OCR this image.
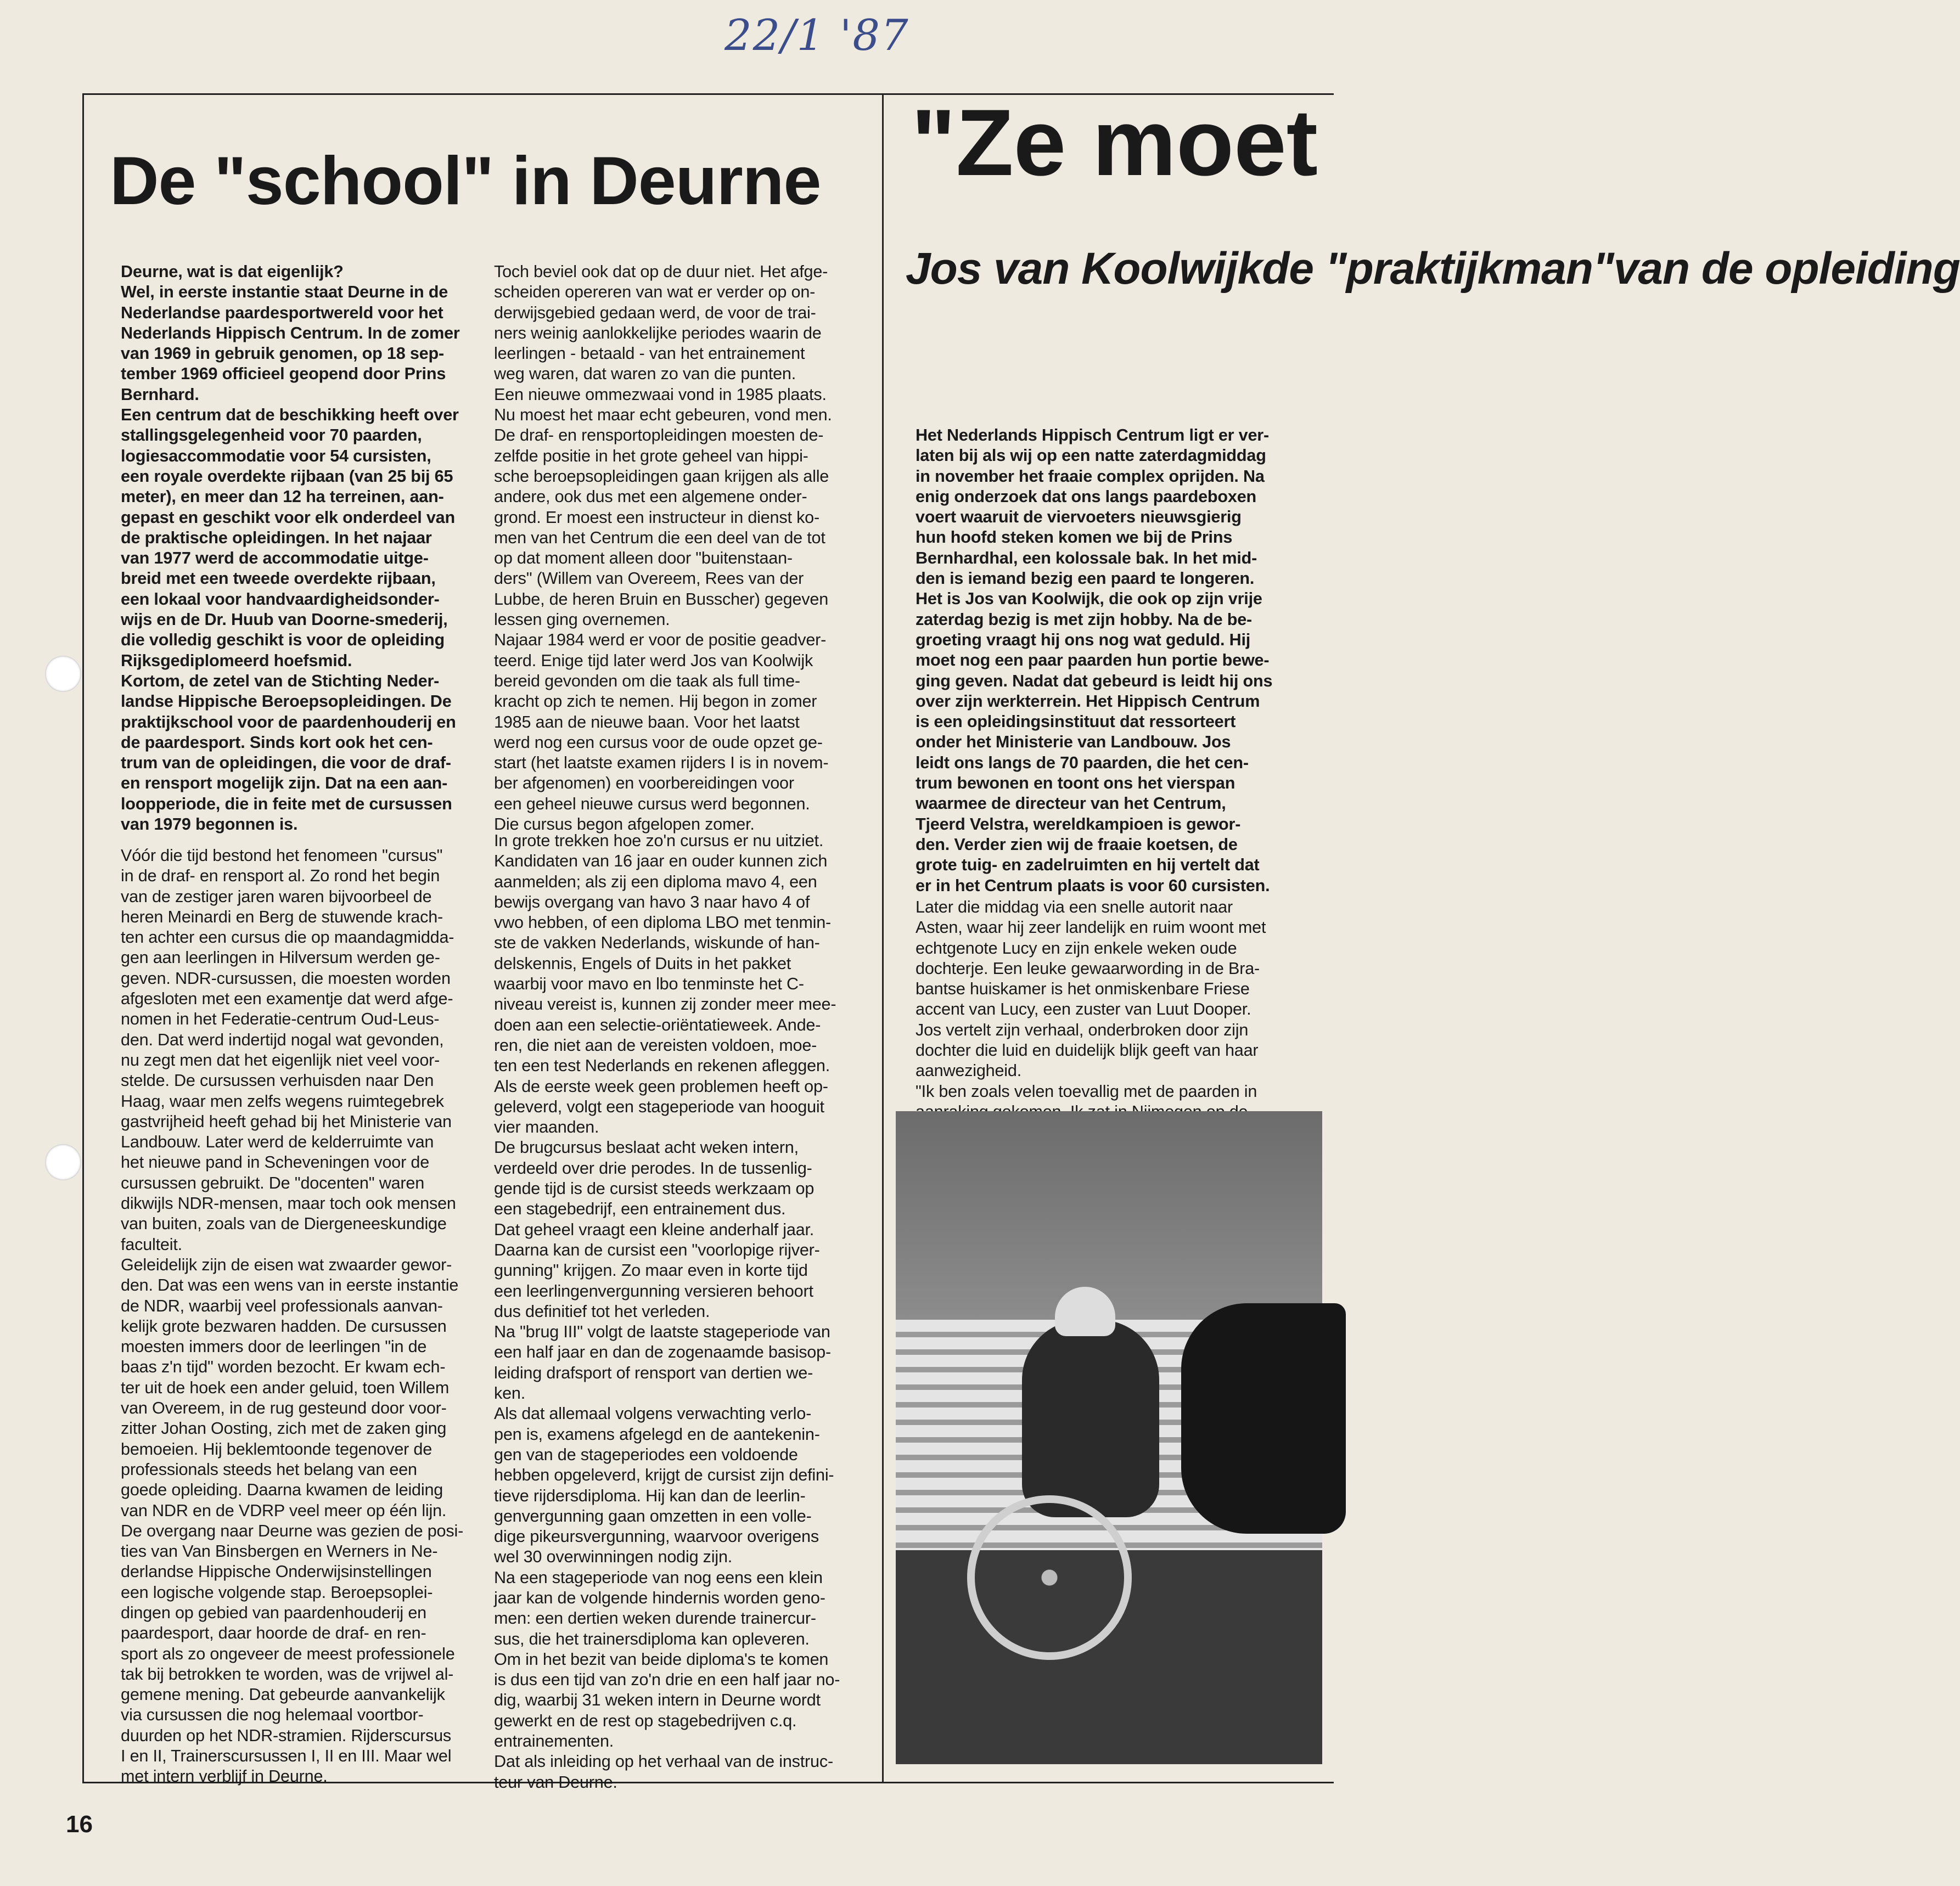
22/1 '87
De "school" in Deurne
Deurne, wat is dat eigenlijk?
Wel, in eerste instantie staat Deurne in de
Nederlandse paardesportwereld voor het
Nederlands Hippisch Centrum. In de zomer
van 1969 in gebruik genomen, op 18 sep-
tember 1969 officieel geopend door Prins
Bernhard.
Een centrum dat de beschikking heeft over
stallingsgelegenheid voor 70 paarden,
logiesaccommodatie voor 54 cursisten,
een royale overdekte rijbaan (van 25 bij 65
meter), en meer dan 12 ha terreinen, aan-
gepast en geschikt voor elk onderdeel van
de praktische opleidingen. In het najaar
van 1977 werd de accommodatie uitge-
breid met een tweede overdekte rijbaan,
een lokaal voor handvaardigheidsonder-
wijs en de Dr. Huub van Doorne-smederij,
die volledig geschikt is voor de opleiding
Rijksgediplomeerd hoefsmid.
Kortom, de zetel van de Stichting Neder-
landse Hippische Beroepsopleidingen. De
praktijkschool voor de paardenhouderij en
de paardesport. Sinds kort ook het cen-
trum van de opleidingen, die voor de draf-
en rensport mogelijk zijn. Dat na een aan-
loopperiode, die in feite met de cursussen
van 1979 begonnen is.
Vóór die tijd bestond het fenomeen "cursus"
in de draf- en rensport al. Zo rond het begin
van de zestiger jaren waren bijvoorbeel de
heren Meinardi en Berg de stuwende krach-
ten achter een cursus die op maandagmidda-
gen aan leerlingen in Hilversum werden ge-
geven. NDR-cursussen, die moesten worden
afgesloten met een examentje dat werd afge-
nomen in het Federatie-centrum Oud-Leus-
den. Dat werd indertijd nogal wat gevonden,
nu zegt men dat het eigenlijk niet veel voor-
stelde. De cursussen verhuisden naar Den
Haag, waar men zelfs wegens ruimtegebrek
gastvrijheid heeft gehad bij het Ministerie van
Landbouw. Later werd de kelderruimte van
het nieuwe pand in Scheveningen voor de
cursussen gebruikt. De "docenten" waren
dikwijls NDR-mensen, maar toch ook mensen
van buiten, zoals van de Diergeneeskundige
faculteit.
Geleidelijk zijn de eisen wat zwaarder gewor-
den. Dat was een wens van in eerste instantie
de NDR, waarbij veel professionals aanvan-
kelijk grote bezwaren hadden. De cursussen
moesten immers door de leerlingen "in de
baas z'n tijd" worden bezocht. Er kwam ech-
ter uit de hoek een ander geluid, toen Willem
van Overeem, in de rug gesteund door voor-
zitter Johan Oosting, zich met de zaken ging
bemoeien. Hij beklemtoonde tegenover de
professionals steeds het belang van een
goede opleiding. Daarna kwamen de leiding
van NDR en de VDRP veel meer op één lijn.
De overgang naar Deurne was gezien de posi-
ties van Van Binsbergen en Werners in Ne-
derlandse Hippische Onderwijsinstellingen
een logische volgende stap. Beroepsoplei-
dingen op gebied van paardenhouderij en
paardesport, daar hoorde de draf- en ren-
sport als zo ongeveer de meest professionele
tak bij betrokken te worden, was de vrijwel al-
gemene mening. Dat gebeurde aanvankelijk
via cursussen die nog helemaal voortbor-
duurden op het NDR-stramien. Rijderscursus
I en II, Trainerscursussen I, II en III. Maar wel
met intern verblijf in Deurne.
Toch beviel ook dat op de duur niet. Het afge-
scheiden opereren van wat er verder op on-
derwijsgebied gedaan werd, de voor de trai-
ners weinig aanlokkelijke periodes waarin de
leerlingen - betaald - van het entrainement
weg waren, dat waren zo van die punten.
Een nieuwe ommezwaai vond in 1985 plaats.
Nu moest het maar echt gebeuren, vond men.
De draf- en rensportopleidingen moesten de-
zelfde positie in het grote geheel van hippi-
sche beroepsopleidingen gaan krijgen als alle
andere, ook dus met een algemene onder-
grond. Er moest een instructeur in dienst ko-
men van het Centrum die een deel van de tot
op dat moment alleen door "buitenstaan-
ders" (Willem van Overeem, Rees van der
Lubbe, de heren Bruin en Busscher) gegeven
lessen ging overnemen.
Najaar 1984 werd er voor de positie geadver-
teerd. Enige tijd later werd Jos van Koolwijk
bereid gevonden om die taak als full time-
kracht op zich te nemen. Hij begon in zomer
1985 aan de nieuwe baan. Voor het laatst
werd nog een cursus voor de oude opzet ge-
start (het laatste examen rijders I is in novem-
ber afgenomen) en voorbereidingen voor
een geheel nieuwe cursus werd begonnen.
Die cursus begon afgelopen zomer.
In grote trekken hoe zo'n cursus er nu uitziet.
Kandidaten van 16 jaar en ouder kunnen zich
aanmelden; als zij een diploma mavo 4, een
bewijs overgang van havo 3 naar havo 4 of
vwo hebben, of een diploma LBO met tenmin-
ste de vakken Nederlands, wiskunde of han-
delskennis, Engels of Duits in het pakket
waarbij voor mavo en lbo tenminste het C-
niveau vereist is, kunnen zij zonder meer mee-
doen aan een selectie-oriëntatieweek. Ande-
ren, die niet aan de vereisten voldoen, moe-
ten een test Nederlands en rekenen afleggen.
Als de eerste week geen problemen heeft op-
geleverd, volgt een stageperiode van hooguit
vier maanden.
De brugcursus beslaat acht weken intern,
verdeeld over drie perodes. In de tussenlig-
gende tijd is de cursist steeds werkzaam op
een stagebedrijf, een entrainement dus.
Dat geheel vraagt een kleine anderhalf jaar.
Daarna kan de cursist een "voorlopige rijver-
gunning" krijgen. Zo maar even in korte tijd
een leerlingenvergunning versieren behoort
dus definitief tot het verleden.
Na "brug III" volgt de laatste stageperiode van
een half jaar en dan de zogenaamde basisop-
leiding drafsport of rensport van dertien we-
ken.
Als dat allemaal volgens verwachting verlo-
pen is, examens afgelegd en de aantekenin-
gen van de stageperiodes een voldoende
hebben opgeleverd, krijgt de cursist zijn defini-
tieve rijdersdiploma. Hij kan dan de leerlin-
genvergunning gaan omzetten in een volle-
dige pikeursvergunning, waarvoor overigens
wel 30 overwinningen nodig zijn.
Na een stageperiode van nog eens een klein
jaar kan de volgende hindernis worden geno-
men: een dertien weken durende trainercur-
sus, die het trainersdiploma kan opleveren.
Om in het bezit van beide diploma's te komen
is dus een tijd van zo'n drie en een half jaar no-
dig, waarbij 31 weken intern in Deurne wordt
gewerkt en de rest op stagebedrijven c.q.
entrainementen.
Dat als inleiding op het verhaal van de instruc-
teur van Deurne.
"Ze moet
Jos van Koolwijkde "praktijkman"van de opleiding
Het Nederlands Hippisch Centrum ligt er ver-
laten bij als wij op een natte zaterdagmiddag
in november het fraaie complex oprijden. Na
enig onderzoek dat ons langs paardeboxen
voert waaruit de viervoeters nieuwsgierig
hun hoofd steken komen we bij de Prins
Bernhardhal, een kolossale bak. In het mid-
den is iemand bezig een paard te longeren.
Het is Jos van Koolwijk, die ook op zijn vrije
zaterdag bezig is met zijn hobby. Na de be-
groeting vraagt hij ons nog wat geduld. Hij
moet nog een paar paarden hun portie bewe-
ging geven. Nadat dat gebeurd is leidt hij ons
over zijn werkterrein. Het Hippisch Centrum
is een opleidingsinstituut dat ressorteert
onder het Ministerie van Landbouw. Jos
leidt ons langs de 70 paarden, die het cen-
trum bewonen en toont ons het vierspan
waarmee de directeur van het Centrum,
Tjeerd Velstra, wereldkampioen is gewor-
den. Verder zien wij de fraaie koetsen, de
grote tuig- en zadelruimten en hij vertelt dat
er in het Centrum plaats is voor 60 cursisten.
Later die middag via een snelle autorit naar
Asten, waar hij zeer landelijk en ruim woont met
echtgenote Lucy en zijn enkele weken oude
dochterje. Een leuke gewaarwording in de Bra-
bantse huiskamer is het onmiskenbare Friese
accent van Lucy, een zuster van Luut Dooper.
Jos vertelt zijn verhaal, onderbroken door zijn
dochter die luid en duidelijk blijk geeft van haar
aanwezigheid.
"Ik ben zoals velen toevallig met de paarden in
16
